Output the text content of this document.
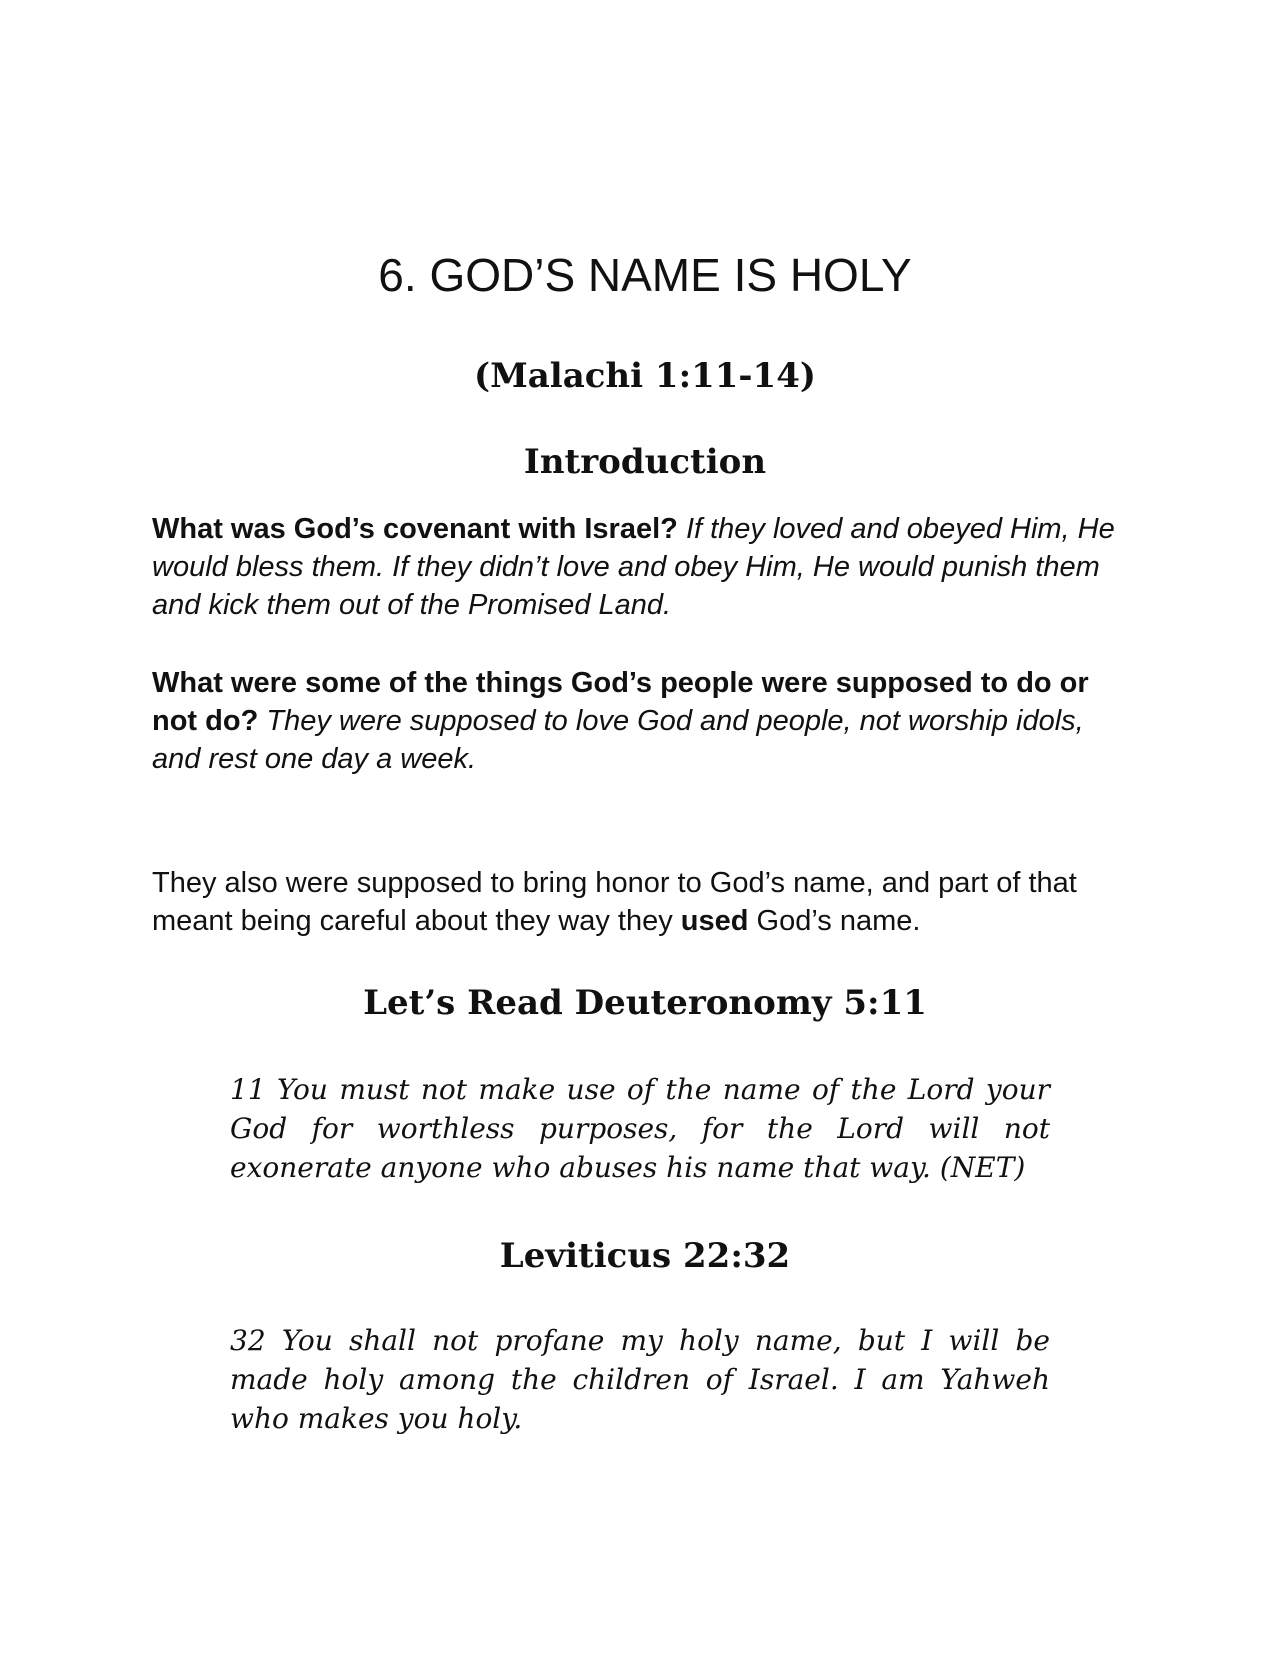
6. GOD’S NAME IS HOLY
(Malachi 1:11-14)
Introduction

What was God’s covenant with Israel? If they loved and obeyed Him, He would bless them. If they didn’t love and obey Him, He would punish them and kick them out of the Promised Land.

What were some of the things God’s people were supposed to do or not do? They were supposed to love God and people, not worship idols, and rest one day a week.

They also were supposed to bring honor to God’s name, and part of that meant being careful about they way they used God’s name.

Let’s Read Deuteronomy 5:11

11 You must not make use of the name of the Lord your God for worthless purposes, for the Lord will not exonerate anyone who abuses his name that way. (NET)

Leviticus 22:32

32 You shall not profane my holy name, but I will be made holy among the children of Israel. I am Yahweh who makes you holy.
